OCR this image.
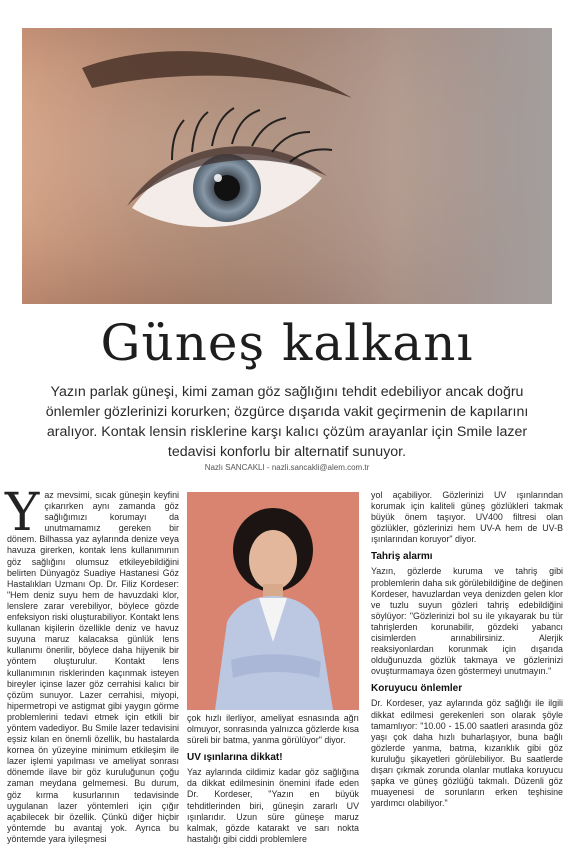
Güneş kalkanı
Yazın parlak güneşi, kimi zaman göz sağlığını tehdit edebiliyor ancak doğru önlemler gözlerinizi korurken; özgürce dışarıda vakit geçirmenin de kapılarını aralıyor. Kontak lensin risklerine karşı kalıcı çözüm arayanlar için Smile lazer tedavisi konforlu bir alternatif sunuyor.
Nazlı SANCAKLI - nazli.sancakli@alem.com.tr
Y az mevsimi, sıcak güneşin keyfini çıkarırken aynı zamanda göz sağlığımızı korumayı da unutmamamız gereken bir dönem. Bilhassa yaz aylarında denize veya havuza girerken, kontak lens kullanımının göz sağlığını olumsuz etkileyebildiğini belirten Dünyagöz Suadiye Hastanesi Göz Hastalıkları Uzmanı Op. Dr. Filiz Kordeser: "Hem deniz suyu hem de havuzdaki klor, lenslere zarar verebiliyor, böylece gözde enfeksiyon riski oluşturabiliyor. Kontakt lens kullanan kişilerin özellikle deniz ve havuz suyuna maruz kalacaksa günlük lens kullanımı önerilir, böylece daha hijyenik bir yöntem oluşturulur. Kontakt lens kullanımının risklerinden kaçınmak isteyen bireyler içinse lazer göz cerrahisi kalıcı bir çözüm sunuyor. Lazer cerrahisi, miyopi, hipermetropi ve astigmat gibi yaygın görme problemlerini tedavi etmek için etkili bir yöntem vadediyor. Bu Smile lazer tedavisini eşsiz kılan en önemli özellik, bu hastalarda kornea ön yüzeyine minimum etkileşim ile lazer işlemi yapılması ve ameliyat sonrası dönemde ilave bir göz kuruluğunun çoğu zaman meydana gelmemesi. Bu durum, göz kırma kusurlarının tedavisinde uygulanan lazer yöntemleri için çığır açabilecek bir özellik. Çünkü diğer hiçbir yöntemde bu avantaj yok. Ayrıca bu yöntemde yara iyileşmesi

çok hızlı ilerliyor, ameliyat esnasında ağrı olmuyor, sonrasında yalnızca gözlerde kısa süreli bir batma, yanma görülüyor" diyor.

UV ışınlarına dikkat!

Yaz aylarında cildimiz kadar göz sağlığına da dikkat edilmesinin önemini ifade eden Dr. Kordeser, "Yazın en büyük tehditlerinden biri, güneşin zararlı UV ışınlarıdır. Uzun süre güneşe maruz kalmak, gözde katarakt ve sarı nokta hastalığı gibi ciddi problemlere

yol açabiliyor. Gözlerinizi UV ışınlarından korumak için kaliteli güneş gözlükleri takmak büyük önem taşıyor. UV400 filtresi olan gözlükler, gözlerinizi hem UV-A hem de UV-B ışınlarından koruyor" diyor.

Tahriş alarmı

Yazın, gözlerde kuruma ve tahriş gibi problemlerin daha sık görülebildiğine de değinen Kordeser, havuzlardan veya denizden gelen klor ve tuzlu suyun gözleri tahriş edebildiğini söylüyor: "Gözlerinizi bol su ile yıkayarak bu tür tahrişlerden korunabilir, gözdeki yabancı cisimlerden arınabilirsiniz. Alerjik reaksiyonlardan korunmak için dışarıda olduğunuzda gözlük takmaya ve gözlerinizi ovuşturmamaya özen göstermeyi unutmayın."

Koruyucu önlemler

Dr. Kordeser, yaz aylarında göz sağlığı ile ilgili dikkat edilmesi gerekenleri son olarak şöyle tamamlıyor: "10.00 - 15.00 saatleri arasında göz yaşı çok daha hızlı buharlaşıyor, buna bağlı gözlerde yanma, batma, kızarıklık gibi göz kuruluğu şikayetleri görülebiliyor. Bu saatlerde dışarı çıkmak zorunda olanlar mutlaka koruyucu şapka ve güneş gözlüğü takmalı. Düzenli göz muayenesi de sorunların erken teşhisine yardımcı olabiliyor."
